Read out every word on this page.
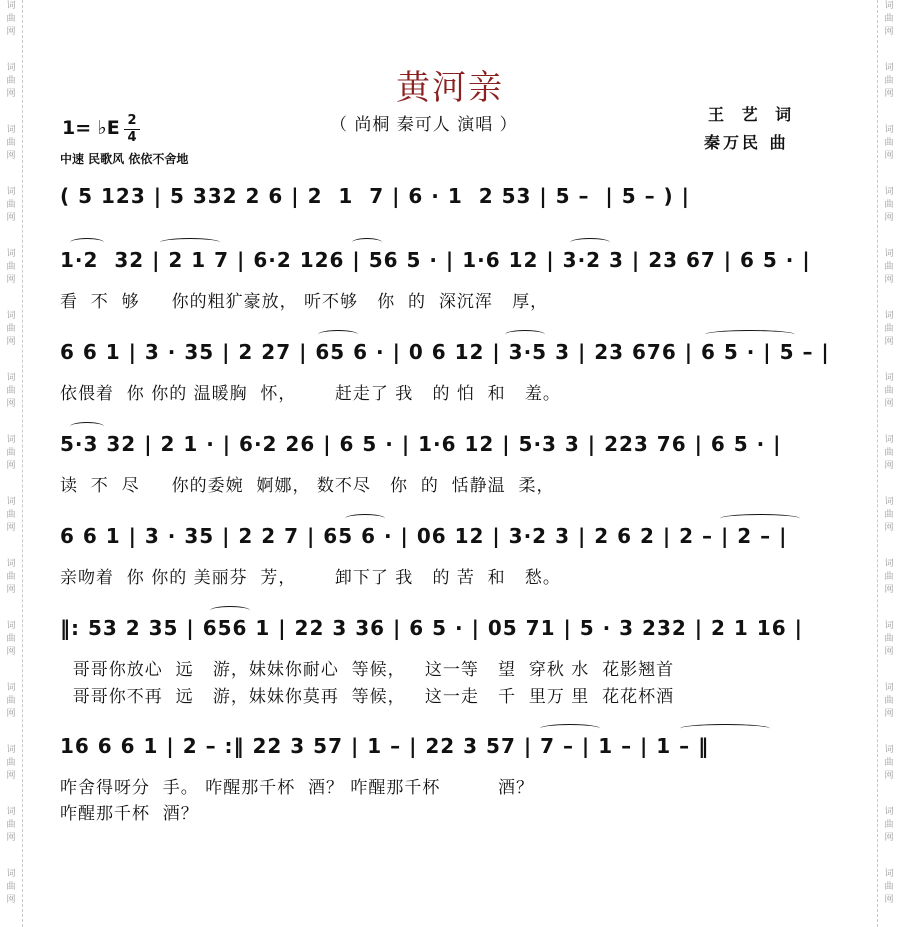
词
曲
网
词
曲
网
词
曲
网
词
曲
网
词
曲
网
词
曲
网
词
曲
网
词
曲
网
词
曲
网
词
曲
网
词
曲
网
词
曲
网
词
曲
网
词
曲
网
词
曲
网
词
曲
网
词
曲
网
词
曲
网
词
曲
网
词
曲
网
词
曲
网
词
曲
网
词
曲
网
词
曲
网
词
曲
网
词
曲
网
词
曲
网
词
曲
网
词
曲
网
词
曲
网
黄河亲
（ 尚桐 秦可人 演唱 ）
1= ♭E 2
4
中速 民歌风 依依不舍地
王 艺 词
秦万民 曲
( 5 123 | 5 332 2 6 | 2  1  7 | 6 · 1  2 53 | 5 –  | 5 – ) |
1·2  32 | 2 1 7 | 6·2 126 | 56 5 · | 1·6 12 | 3·2 3 | 23 67 | 6 5 · |
看  不  够     你的粗犷豪放， 听不够   你  的  深沉浑   厚，
6 6 1 | 3 · 35 | 2 27 | 65 6 · | 0 6 12 | 3·5 3 | 23 676 | 6 5 · | 5 – |
依偎着  你 你的 温暖胸  怀，      赶走了 我   的 怕  和   羞。
5·3 32 | 2 1 · | 6·2 26 | 6 5 · | 1·6 12 | 5·3 3 | 223 76 | 6 5 · |
读  不  尽     你的委婉  婀娜， 数不尽   你  的  恬静温  柔，
6 6 1 | 3 · 35 | 2 2 7 | 65 6 · | 06 12 | 3·2 3 | 2 6 2 | 2 – | 2 – |
亲吻着  你 你的 美丽芬  芳，      卸下了 我   的 苦  和   愁。
‖: 53 2 35 | 656 1 | 22 3 36 | 6 5 · | 05 71 | 5 · 3 232 | 2 1 16 |
哥哥你放心  远   游，妹妹你耐心  等候，   这一等   望  穿秋 水  花影翘首
哥哥你不再  远   游，妹妹你莫再  等候，   这一走   千  里万 里  花花杯酒
16 6 6 1 | 2 – :‖ 22 3 57 | 1 – | 22 3 57 | 7 – | 1 – | 1 – ‖
咋舍得呀分  手。 咋醒那千杯  酒？ 咋醒那千杯         酒？
咋醒那千杯  酒？
